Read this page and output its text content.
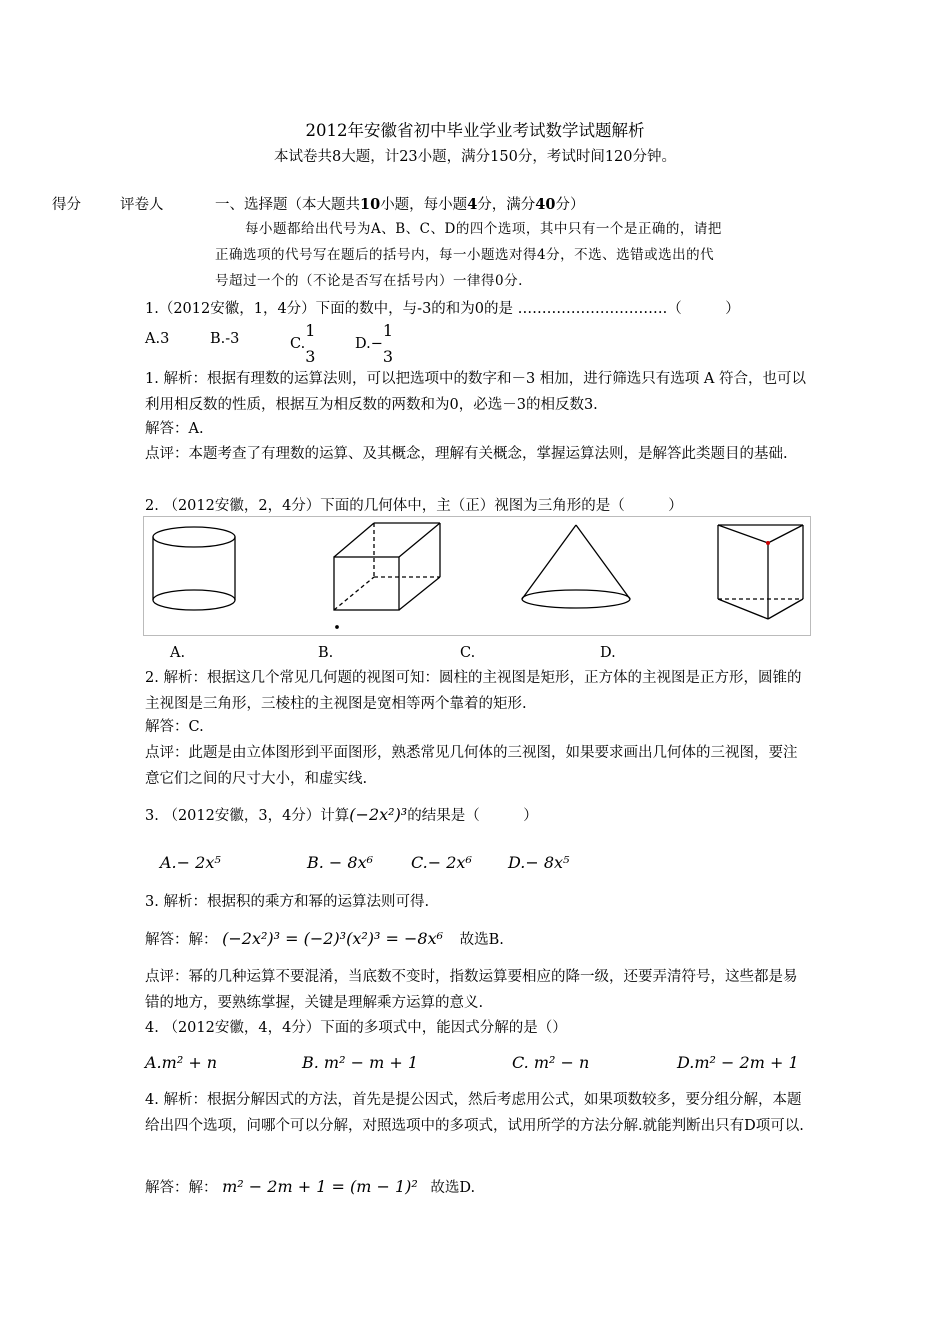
2012年安徽省初中毕业学业考试数学试题解析
本试卷共8大题，计23小题，满分150分，考试时间120分钟。
得分	评卷人	一、选择题（本大题共10小题，每小题4分，满分40分）
每小题都给出代号为A、B、C、D的四个选项，其中只有一个是正确的，请把
正确选项的代号写在题后的括号内，每一小题选对得4分，不选、选错或选出的代
号超过一个的（不论是否写在括号内）一律得0分.
1.（2012安徽，1，4分）下面的数中，与-3的和为0的是 ………………………….（　　　）
A.3	B.-3	C.
1
3
D.−
1
3
1. 解析：根据有理数的运算法则，可以把选项中的数字和－3 相加，进行筛选只有选项 A 符合，也可以利用相反数的性质，根据互为相反数的两数和为0，必选－3的相反数3.
解答：A.
点评：本题考查了有理数的运算、及其概念，理解有关概念，掌握运算法则，是解答此类题目的基础.
2. （2012安徽，2，4分）下面的几何体中，主（正）视图为三角形的是（　　　）
A.	B.	C.	D.
2. 解析：根据这几个常见几何题的视图可知：圆柱的主视图是矩形，正方体的主视图是正方形，圆锥的主视图是三角形，三棱柱的主视图是宽相等两个靠着的矩形.
解答：C.
点评：此题是由立体图形到平面图形，熟悉常见几何体的三视图，如果要求画出几何体的三视图，要注意它们之间的尺寸大小，和虚实线.
3. （2012安徽，3，4分）计算(−2x²)³的结果是（　　　）
A.− 2x⁵	B. − 8x⁶ C.− 2x⁶ D.− 8x⁵
3. 解析：根据积的乘方和幂的运算法则可得.
解答：解： (−2x²)³ = (−2)³(x²)³ = −8x⁶ 故选B.
点评：幂的几种运算不要混淆，当底数不变时，指数运算要相应的降一级，还要弄清符号，这些都是易错的地方，要熟练掌握，关键是理解乘方运算的意义.
4. （2012安徽，4，4分）下面的多项式中，能因式分解的是（）
A.m² + n	B. m² − m + 1	C. m² − n	D.m² − 2m + 1
4. 解析：根据分解因式的方法，首先是提公因式，然后考虑用公式，如果项数较多，要分组分解，本题给出四个选项，问哪个可以分解，对照选项中的多项式，试用所学的方法分解.就能判断出只有D项可以.
解答：解： m² − 2m + 1 = (m − 1)² 故选D.
